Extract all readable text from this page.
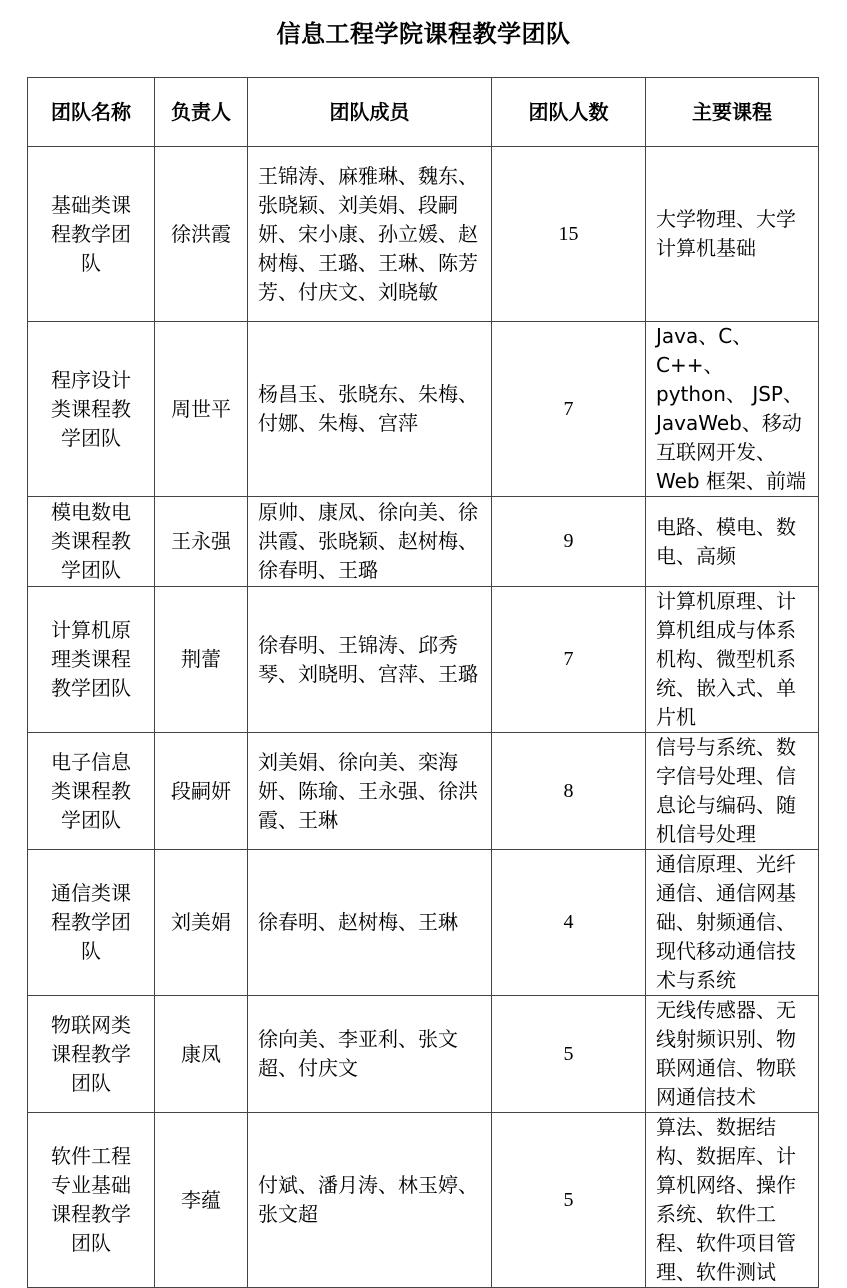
信息工程学院课程教学团队
团队名称	负责人	团队成员	团队人数	主要课程

基础类课程教学团队	徐洪霞	王锦涛、麻雅琳、魏东、张晓颖、刘美娟、段嗣妍、宋小康、孙立媛、赵树梅、王璐、王琳、陈芳芳、付庆文、刘晓敏	15	大学物理、大学计算机基础

程序设计类课程教学团队	周世平	杨昌玉、张晓东、朱梅、付娜、朱梅、宫萍	7	Java、C、C++、python、 JSP、JavaWeb、移动互联网开发、Web 框架、前端

模电数电类课程教学团队	王永强	原帅、康凤、徐向美、徐洪霞、张晓颖、赵树梅、徐春明、王璐	9	电路、模电、数电、高频

计算机原理类课程教学团队	荆蕾	徐春明、王锦涛、邱秀琴、刘晓明、宫萍、王璐	7	计算机原理、计算机组成与体系机构、微型机系统、嵌入式、单片机

电子信息类课程教学团队	段嗣妍	刘美娟、徐向美、栾海妍、陈瑜、王永强、徐洪霞、王琳	8	信号与系统、数字信号处理、信息论与编码、随机信号处理

通信类课程教学团队	刘美娟	徐春明、赵树梅、王琳	4	通信原理、光纤通信、通信网基础、射频通信、现代移动通信技术与系统

物联网类课程教学团队	康凤	徐向美、李亚利、张文超、付庆文	5	无线传感器、无线射频识别、物联网通信、物联网通信技术

软件工程专业基础课程教学团队	李蕴	付斌、潘月涛、林玉婷、张文超	5	算法、数据结构、数据库、计算机网络、操作系统、软件工程、软件项目管理、软件测试
